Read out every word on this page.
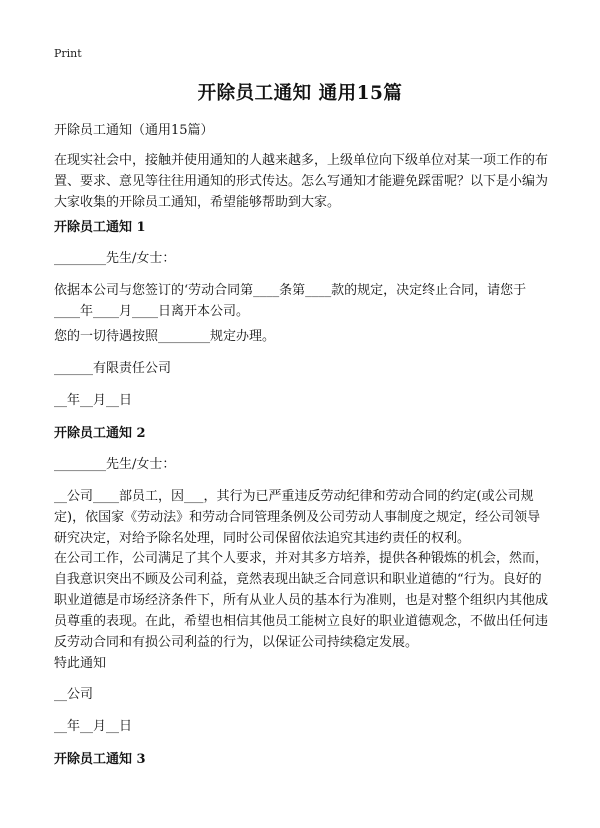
Print
开除员工通知 通用15篇
开除员工通知（通用15篇）
在现实社会中，接触并使用通知的人越来越多，上级单位向下级单位对某一项工作的布置、要求、意见等往往用通知的形式传达。怎么写通知才能避免踩雷呢？以下是小编为大家收集的开除员工通知，希望能够帮助到大家。
开除员工通知 1
________先生/女士：
依据本公司与您签订的‘劳动合同第____条第____款的规定，决定终止合同，请您于____年____月____日离开本公司。
您的一切待遇按照________规定办理。
______有限责任公司
__年__月__日
开除员工通知 2
________先生/女士：
__公司____部员工，因___，其行为已严重违反劳动纪律和劳动合同的约定(或公司规定)，依国家《劳动法》和劳动合同管理条例及公司劳动人事制度之规定，经公司领导研究决定，对给予除名处理，同时公司保留依法追究其违约责任的权利。
在公司工作，公司满足了其个人要求，并对其多方培养，提供各种锻炼的机会，然而，自我意识突出不顾及公司利益，竟然表现出缺乏合同意识和职业道德的“行为。良好的职业道德是市场经济条件下，所有从业人员的基本行为准则，也是对整个组织内其他成员尊重的表现。在此，希望也相信其他员工能树立良好的职业道德观念，不做出任何违反劳动合同和有损公司利益的行为，以保证公司持续稳定发展。
特此通知
__公司
__年__月__日
开除员工通知 3
